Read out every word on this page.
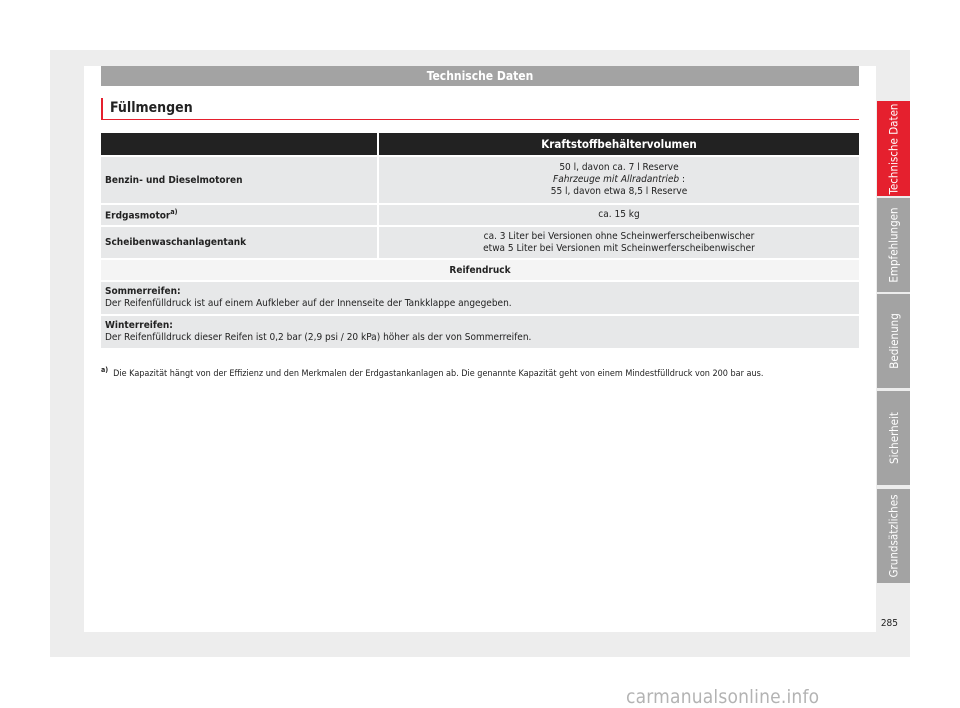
Technische Daten
Füllmengen
	Kraftstoffbehältervolumen
Benzin- und Dieselmotoren	50 l, davon ca. 7 l Reserve
Fahrzeuge mit Allradantrieb :
55 l, davon etwa 8,5 l Reserve

Erdgasmotor$^{a)}$	ca. 15 kg
Scheibenwaschanlagentank	ca. 3 Liter bei Versionen ohne Scheinwerferscheibenwischer
etwa 5 Liter bei Versionen mit Scheinwerferscheibenwischer

Reifendruck	

Sommerreifen:
Der Reifenfülldruck ist auf einem Aufkleber auf der Innenseite der Tankklappe angegeben.	

Winterreifen:
Der Reifenfülldruck dieser Reifen ist 0,2 bar (2,9 psi / 20 kPa) höher als der von Sommerreifen.	
$^{a)}$ Die Kapazität hängt von der Effizienz und den Merkmalen der Erdgastankanlagen ab. Die genannte Kapazität geht von einem Mindestfülldruck von 200 bar aus.
Technische Daten
Empfehlungen
Bedienung
Sicherheit
Grundsätzliches
285
carmanualsonline.info
